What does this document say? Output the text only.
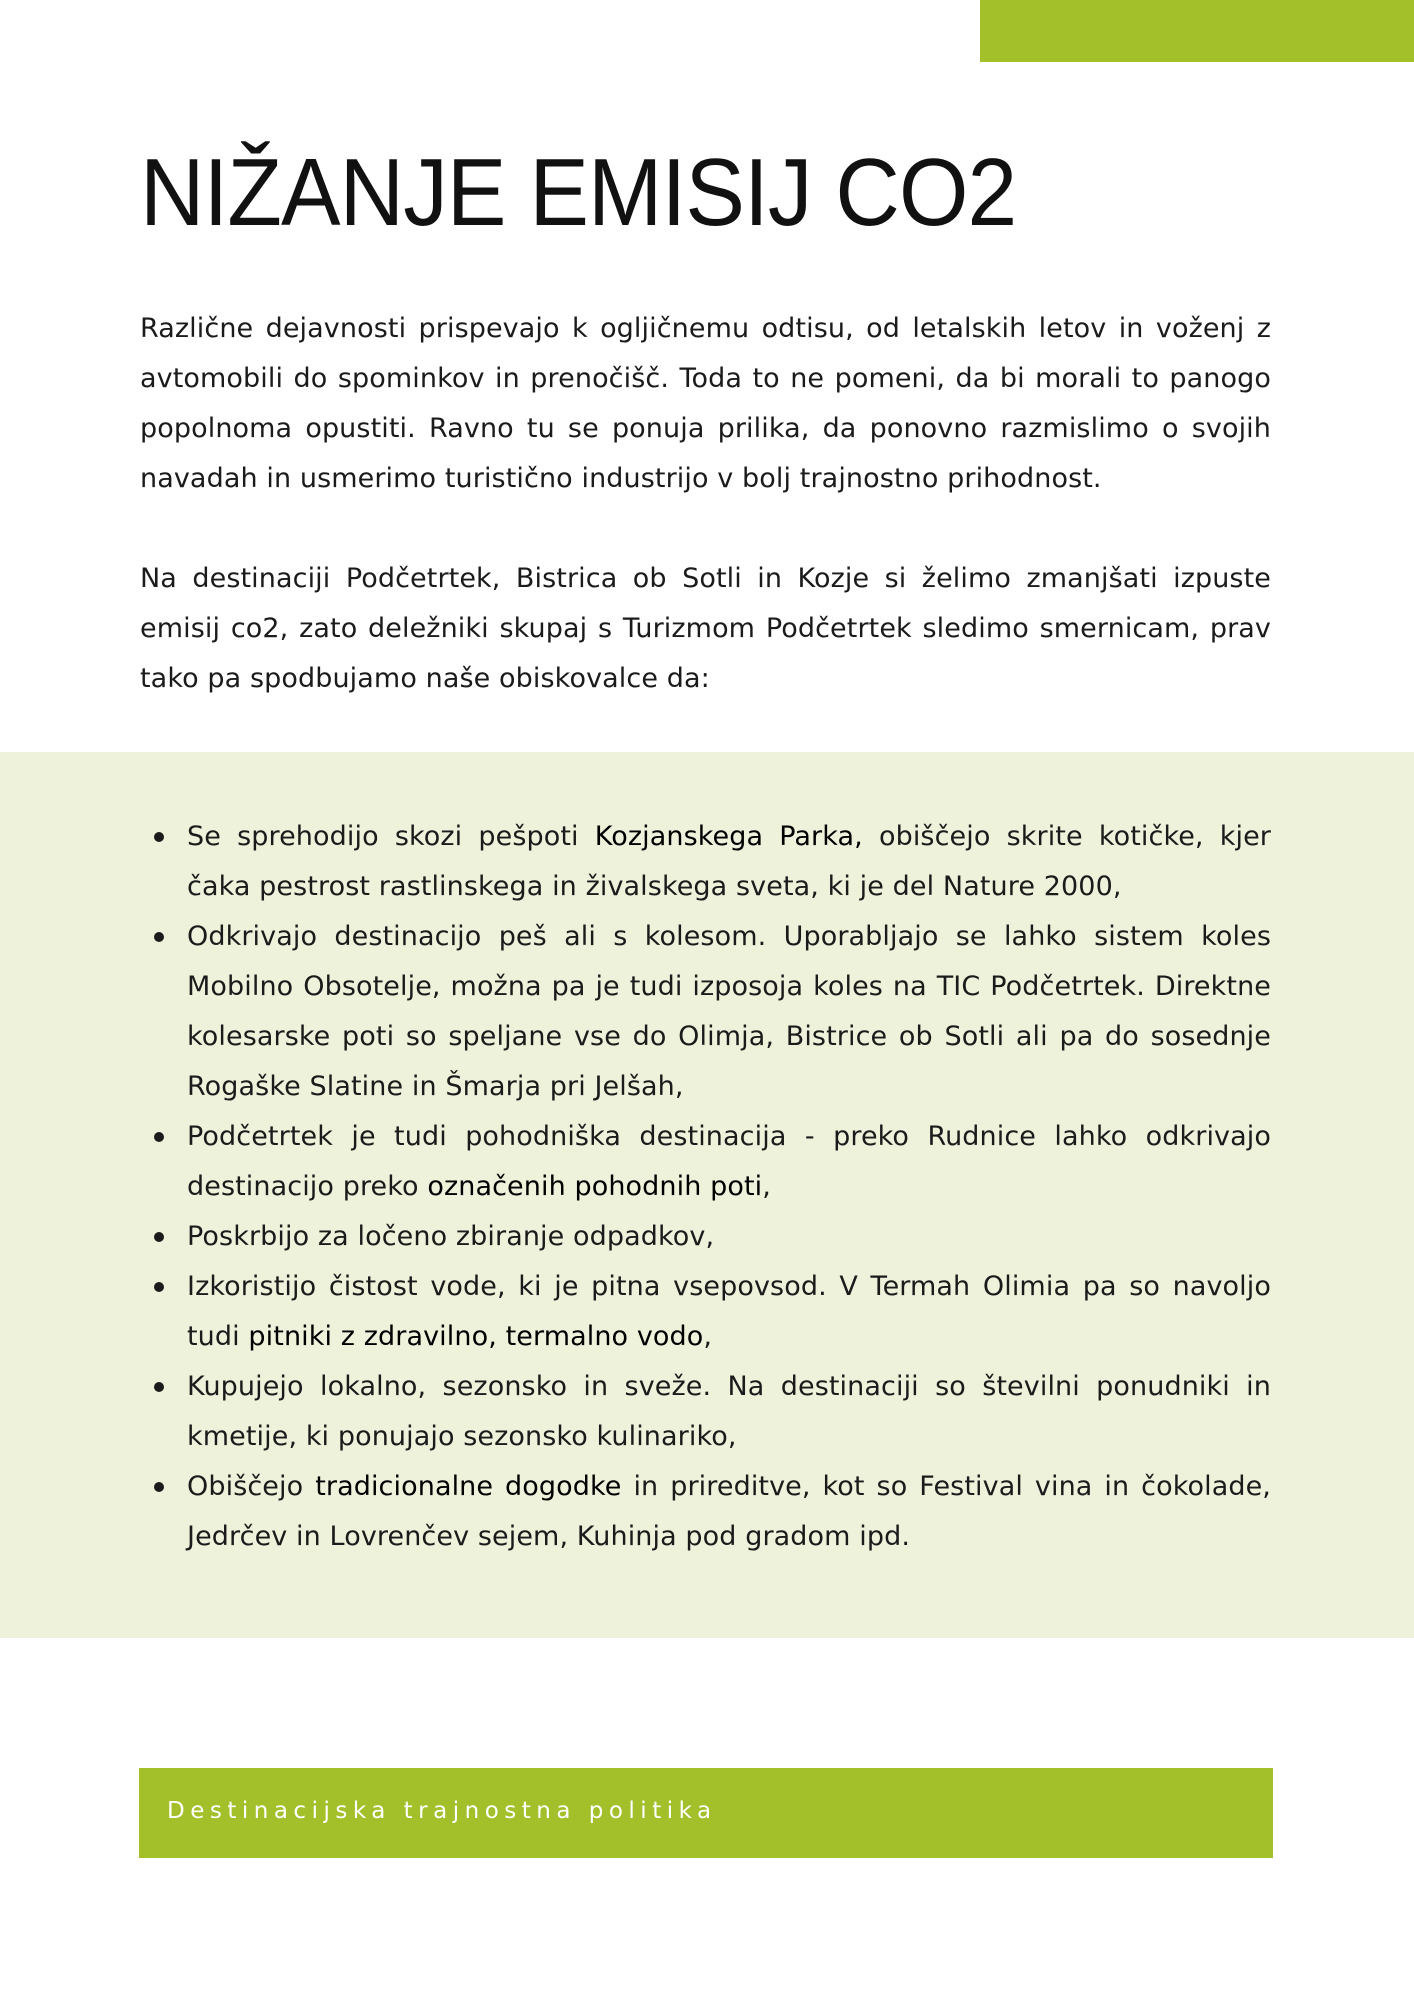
NIŽANJE EMISIJ CO2

Različne dejavnosti prispevajo k ogljičnemu odtisu, od letalskih letov in voženj z avtomobili do spominkov in prenočišč. Toda to ne pomeni, da bi morali to panogo popolnoma opustiti. Ravno tu se ponuja prilika, da ponovno razmislimo o svojih navadah in usmerimo turistično industrijo v bolj trajnostno prihodnost.

Na destinaciji Podčetrtek, Bistrica ob Sotli in Kozje si želimo zmanjšati izpuste emisij co2, zato deležniki skupaj s Turizmom Podčetrtek sledimo smernicam, prav tako pa spodbujamo naše obiskovalce da:

Se sprehodijo skozi pešpoti Kozjanskega Parka, obiščejo skrite kotičke, kjer čaka pestrost rastlinskega in živalskega sveta, ki je del Nature 2000,
Odkrivajo destinacijo peš ali s kolesom. Uporabljajo se lahko sistem koles Mobilno Obsotelje, možna pa je tudi izposoja koles na TIC Podčetrtek. Direktne kolesarske poti so speljane vse do Olimja, Bistrice ob Sotli ali pa do sosednje Rogaške Slatine in Šmarja pri Jelšah,
Podčetrtek je tudi pohodniška destinacija - preko Rudnice lahko odkrivajo destinacijo preko označenih pohodnih poti,
Poskrbijo za ločeno zbiranje odpadkov,
Izkoristijo čistost vode, ki je pitna vsepovsod. V Termah Olimia pa so navoljo tudi pitniki z zdravilno, termalno vodo,
Kupujejo lokalno, sezonsko in sveže. Na destinaciji so številni ponudniki in kmetije, ki ponujajo sezonsko kulinariko,
Obiščejo tradicionalne dogodke in prireditve, kot so Festival vina in čokolade, Jedrčev in Lovrenčev sejem, Kuhinja pod gradom ipd.
Destinacijska trajnostna politika
